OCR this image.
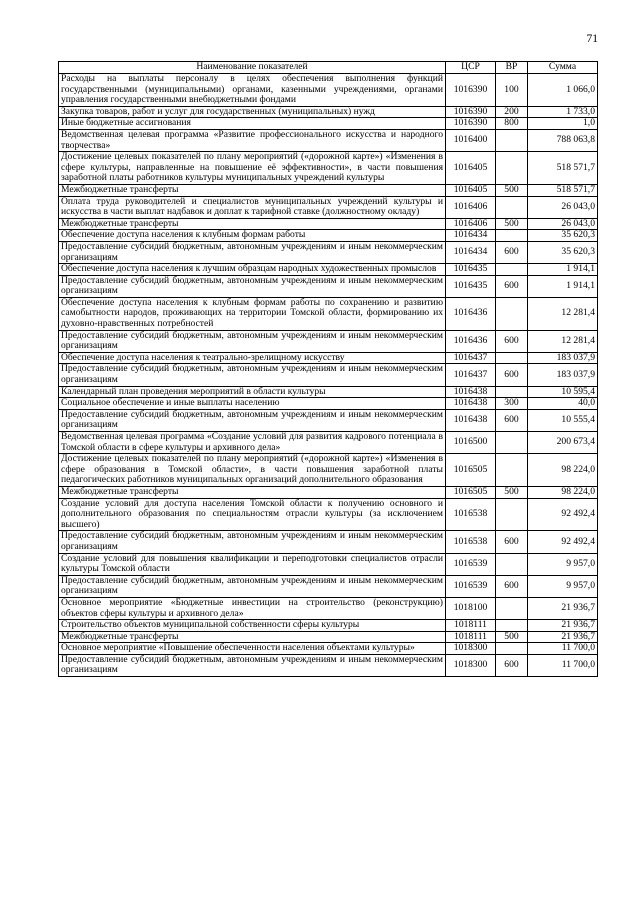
71
Наименование показателей	ЦСР	ВР	Сумма
Расходы на выплаты персоналу в целях обеспечения выполнения функций государственными (муниципальными) органами, казенными учреждениями, органами управления государственными внебюджетными фондами	1016390	100	1 066,0
Закупка товаров, работ и услуг для государственных (муниципальных) нужд	1016390	200	1 733,0
Иные бюджетные ассигнования	1016390	800	1,0
Ведомственная целевая программа «Развитие профессионального искусства и народного творчества»	1016400		788 063,8
Достижение целевых показателей по плану мероприятий («дорожной карте») «Изменения в сфере культуры, направленные на повышение её эффективности», в части повышения заработной платы работников культуры муниципальных учреждений культуры	1016405		518 571,7
Межбюджетные трансферты	1016405	500	518 571,7
Оплата труда руководителей и специалистов муниципальных учреждений культуры и искусства в части выплат надбавок и доплат к тарифной ставке (должностному окладу)	1016406		26 043,0
Межбюджетные трансферты	1016406	500	26 043,0
Обеспечение доступа населения к клубным формам работы	1016434		35 620,3
Предоставление субсидий бюджетным, автономным учреждениям и иным некоммерческим организациям	1016434	600	35 620,3
Обеспечение доступа населения к лучшим образцам народных художественных промыслов	1016435		1 914,1
Предоставление субсидий бюджетным, автономным учреждениям и иным некоммерческим организациям	1016435	600	1 914,1
Обеспечение доступа населения к клубным формам работы по сохранению и развитию самобытности народов, проживающих на территории Томской области, формированию их духовно-нравственных потребностей	1016436		12 281,4
Предоставление субсидий бюджетным, автономным учреждениям и иным некоммерческим организациям	1016436	600	12 281,4
Обеспечение доступа населения к театрально-зрелищному искусству	1016437		183 037,9
Предоставление субсидий бюджетным, автономным учреждениям и иным некоммерческим организациям	1016437	600	183 037,9
Календарный план проведения мероприятий в области культуры	1016438		10 595,4
Социальное обеспечение и иные выплаты населению	1016438	300	40,0
Предоставление субсидий бюджетным, автономным учреждениям и иным некоммерческим организациям	1016438	600	10 555,4
Ведомственная целевая программа «Создание условий для развития кадрового потенциала в Томской области в сфере культуры и архивного дела»	1016500		200 673,4
Достижение целевых показателей по плану мероприятий («дорожной карте») «Изменения в сфере образования в Томской области», в части повышения заработной платы педагогических работников муниципальных организаций дополнительного образования	1016505		98 224,0
Межбюджетные трансферты	1016505	500	98 224,0
Создание условий для доступа населения Томской области к получению основного и дополнительного образования по специальностям отрасли культуры (за исключением высшего)	1016538		92 492,4
Предоставление субсидий бюджетным, автономным учреждениям и иным некоммерческим организациям	1016538	600	92 492,4
Создание условий для повышения квалификации и переподготовки специалистов отрасли культуры Томской области	1016539		9 957,0
Предоставление субсидий бюджетным, автономным учреждениям и иным некоммерческим организациям	1016539	600	9 957,0
Основное мероприятие «Бюджетные инвестиции на строительство (реконструкцию) объектов сферы культуры и архивного дела»	1018100		21 936,7
Строительство объектов муниципальной собственности сферы культуры	1018111		21 936,7
Межбюджетные трансферты	1018111	500	21 936,7
Основное мероприятие «Повышение обеспеченности населения объектами культуры»	1018300		11 700,0
Предоставление субсидий бюджетным, автономным учреждениям и иным некоммерческим организациям	1018300	600	11 700,0
